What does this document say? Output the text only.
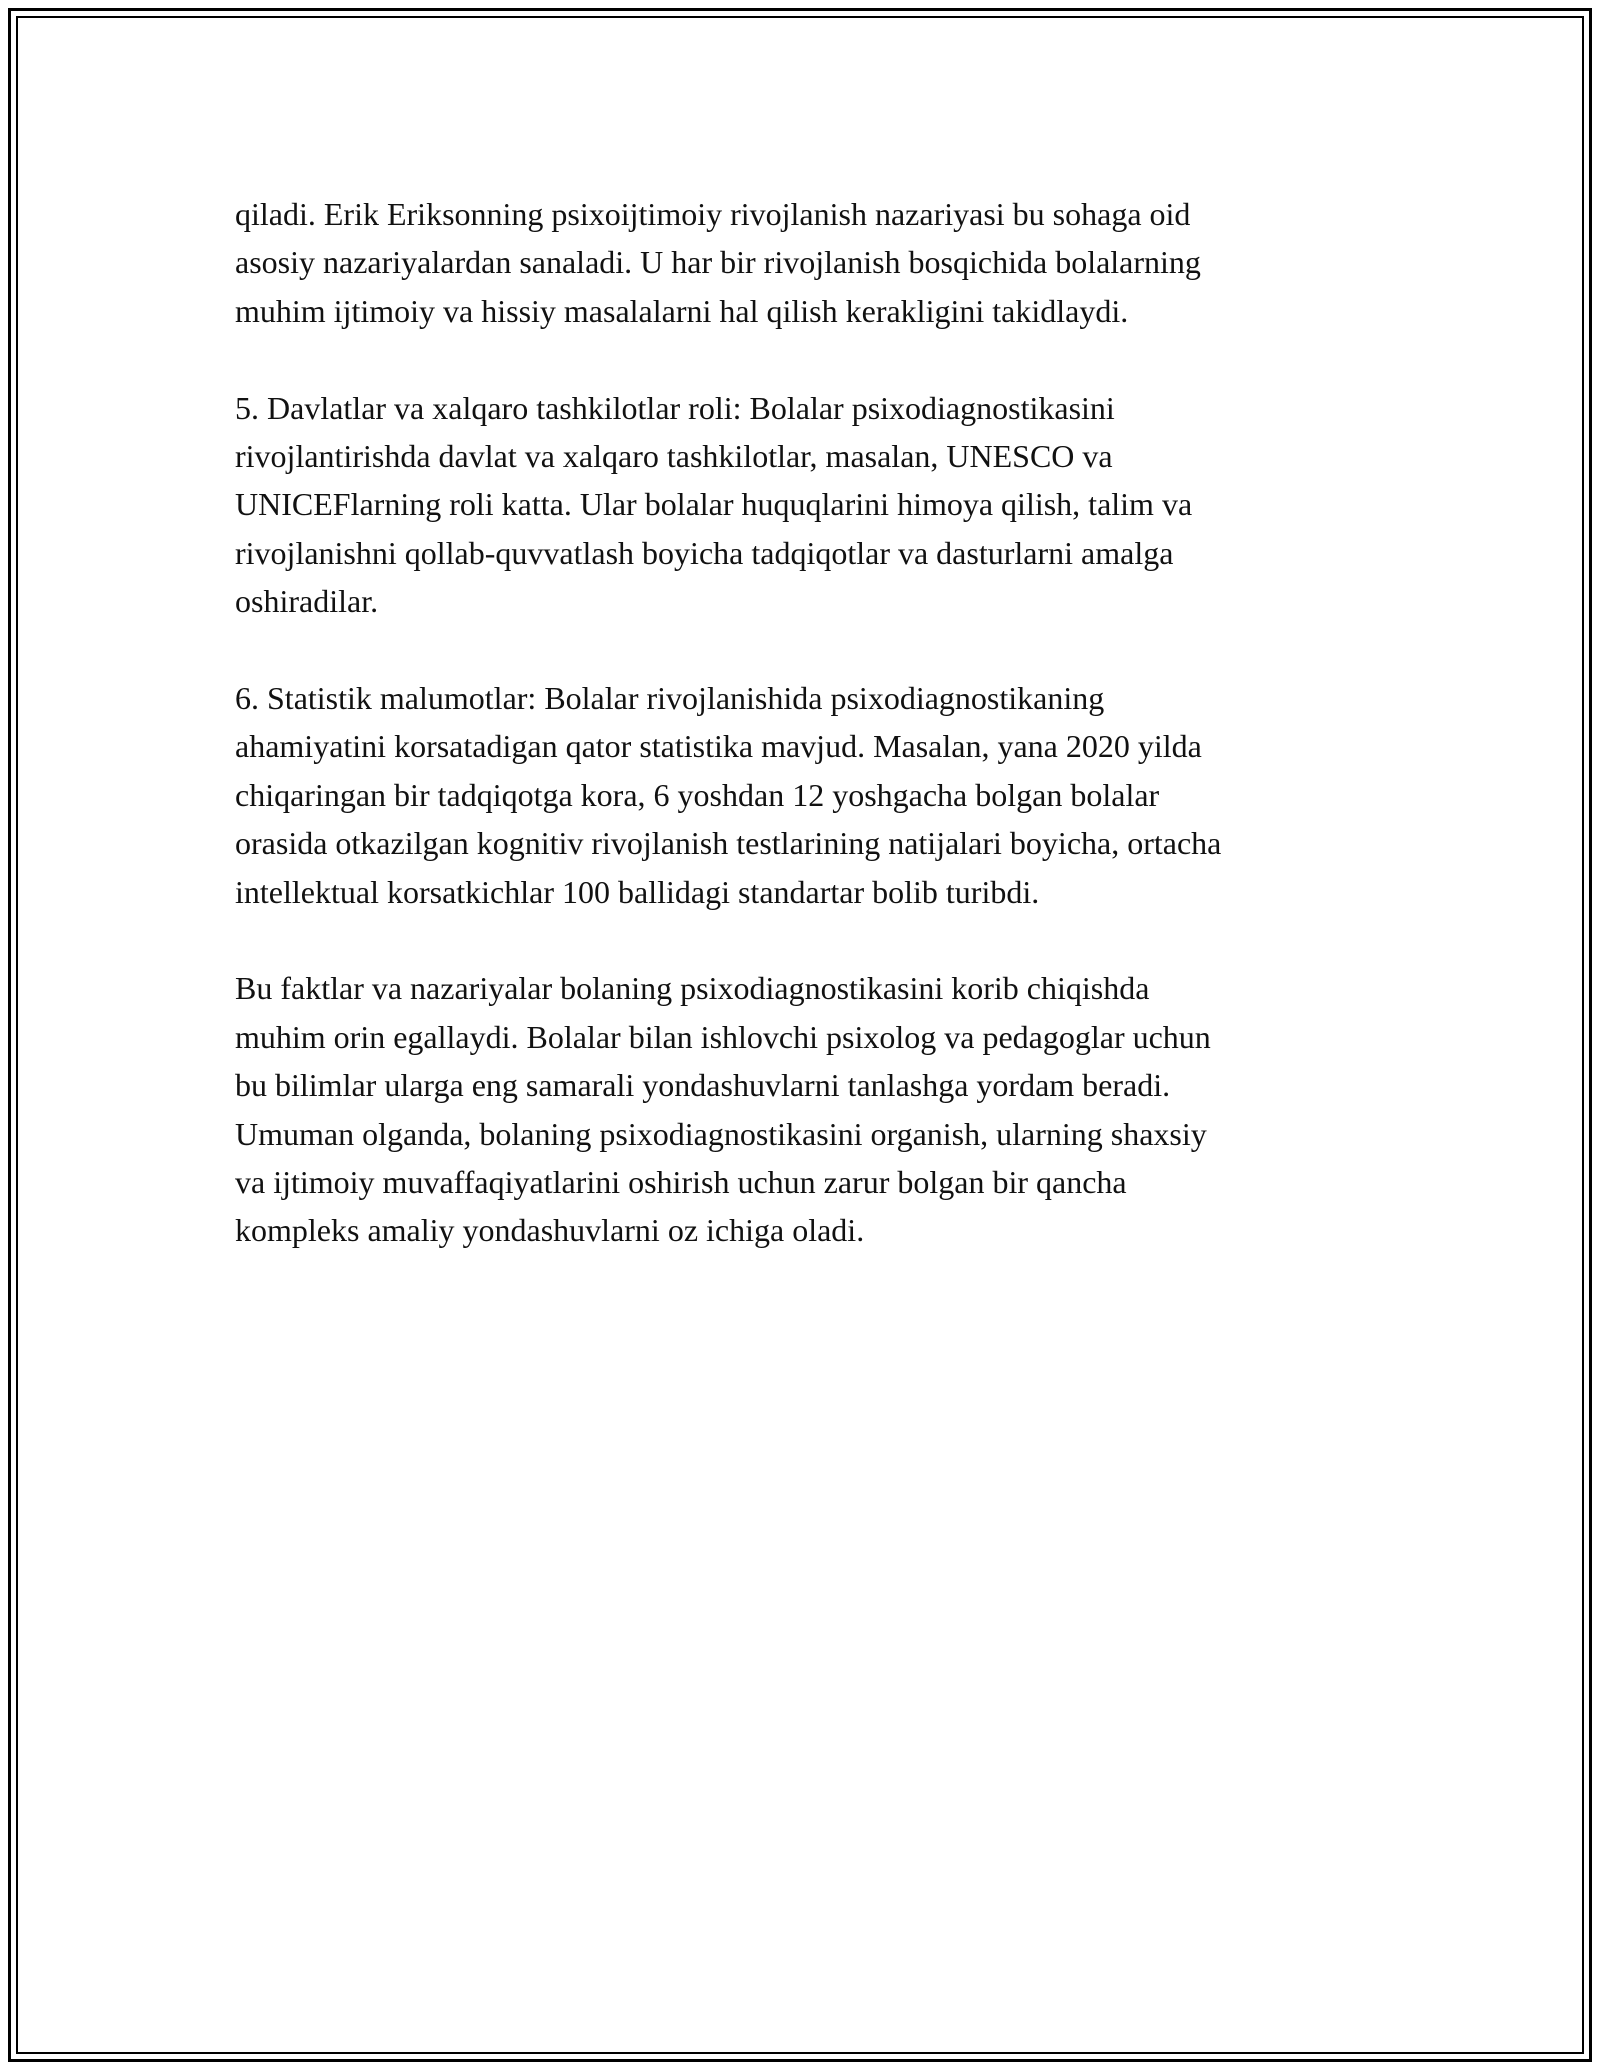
qiladi. Erik Eriksonning psixoijtimoiy rivojlanish nazariyasi bu sohaga oid
asosiy nazariyalardan sanaladi. U har bir rivojlanish bosqichida bolalarning
muhim ijtimoiy va hissiy masalalarni hal qilish kerakligini takidlaydi.

5. Davlatlar va xalqaro tashkilotlar roli: Bolalar psixodiagnostikasini
rivojlantirishda davlat va xalqaro tashkilotlar, masalan, UNESCO va
UNICEFlarning roli katta. Ular bolalar huquqlarini himoya qilish, talim va
rivojlanishni qollab-quvvatlash boyicha tadqiqotlar va dasturlarni amalga
oshiradilar.

6. Statistik malumotlar: Bolalar rivojlanishida psixodiagnostikaning
ahamiyatini korsatadigan qator statistika mavjud. Masalan, yana 2020 yilda
chiqaringan bir tadqiqotga kora, 6 yoshdan 12 yoshgacha bolgan bolalar
orasida otkazilgan kognitiv rivojlanish testlarining natijalari boyicha, ortacha
intellektual korsatkichlar 100 ballidagi standartar bolib turibdi.

Bu faktlar va nazariyalar bolaning psixodiagnostikasini korib chiqishda
muhim orin egallaydi. Bolalar bilan ishlovchi psixolog va pedagoglar uchun
bu bilimlar ularga eng samarali yondashuvlarni tanlashga yordam beradi.
Umuman olganda, bolaning psixodiagnostikasini organish, ularning shaxsiy
va ijtimoiy muvaffaqiyatlarini oshirish uchun zarur bolgan bir qancha
kompleks amaliy yondashuvlarni oz ichiga oladi.
